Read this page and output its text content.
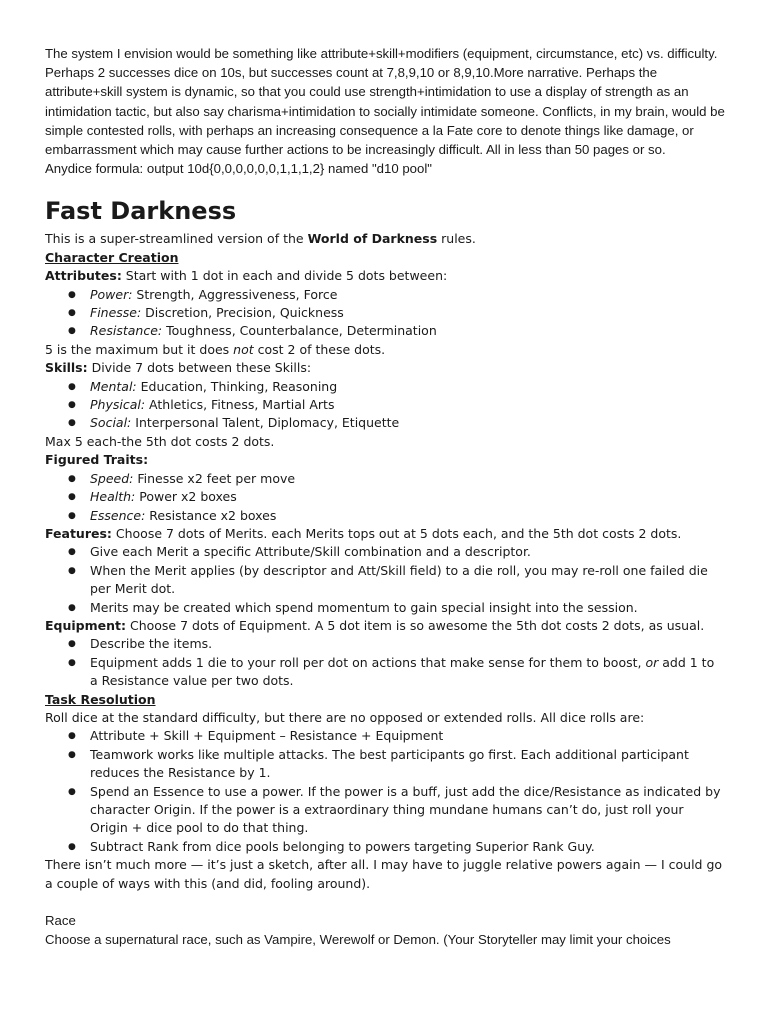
The system I envision would be something like attribute+skill+modifiers (equipment, circumstance, etc) vs. difficulty. Perhaps 2 successes dice on 10s, but successes count at 7,8,9,10 or 8,9,10.More narrative. Perhaps the attribute+skill system is dynamic, so that you could use strength+intimidation to use a display of strength as an intimidation tactic, but also say charisma+intimidation to socially intimidate someone. Conflicts, in my brain, would be simple contested rolls, with perhaps an increasing consequence a la Fate core to denote things like damage, or embarrassment which may cause further actions to be increasingly difficult. All in less than 50 pages or so.

Anydice formula: output 10d{0,0,0,0,0,0,1,1,1,2} named "d10 pool"

Fast Darkness

This is a super-streamlined version of the World of Darkness rules.

Character Creation

Attributes: Start with 1 dot in each and divide 5 dots between:

● Power: Strength, Aggressiveness, Force
● Finesse: Discretion, Precision, Quickness
● Resistance: Toughness, Counterbalance, Determination

5 is the maximum but it does not cost 2 of these dots.

Skills: Divide 7 dots between these Skills:

● Mental: Education, Thinking, Reasoning
● Physical: Athletics, Fitness, Martial Arts
● Social: Interpersonal Talent, Diplomacy, Etiquette

Max 5 each-the 5th dot costs 2 dots.

Figured Traits:

● Speed: Finesse x2 feet per move
● Health: Power x2 boxes
● Essence: Resistance x2 boxes

Features: Choose 7 dots of Merits. each Merits tops out at 5 dots each, and the 5th dot costs 2 dots.

● Give each Merit a specific Attribute/Skill combination and a descriptor.
● When the Merit applies (by descriptor and Att/Skill field) to a die roll, you may re-roll one failed die per Merit dot.
● Merits may be created which spend momentum to gain special insight into the session.

Equipment: Choose 7 dots of Equipment. A 5 dot item is so awesome the 5th dot costs 2 dots, as usual.

● Describe the items.
● Equipment adds 1 die to your roll per dot on actions that make sense for them to boost, or add 1 to a Resistance value per two dots.

Task Resolution

Roll dice at the standard difficulty, but there are no opposed or extended rolls. All dice rolls are:

● Attribute + Skill + Equipment – Resistance + Equipment
● Teamwork works like multiple attacks. The best participants go first. Each additional participant reduces the Resistance by 1.
● Spend an Essence to use a power. If the power is a buff, just add the dice/Resistance as indicated by character Origin. If the power is a extraordinary thing mundane humans can’t do, just roll your Origin + dice pool to do that thing.
● Subtract Rank from dice pools belonging to powers targeting Superior Rank Guy.

There isn’t much more — it’s just a sketch, after all. I may have to juggle relative powers again — I could go a couple of ways with this (and did, fooling around).

Race

Choose a supernatural race, such as Vampire, Werewolf or Demon. (Your Storyteller may limit your choices
